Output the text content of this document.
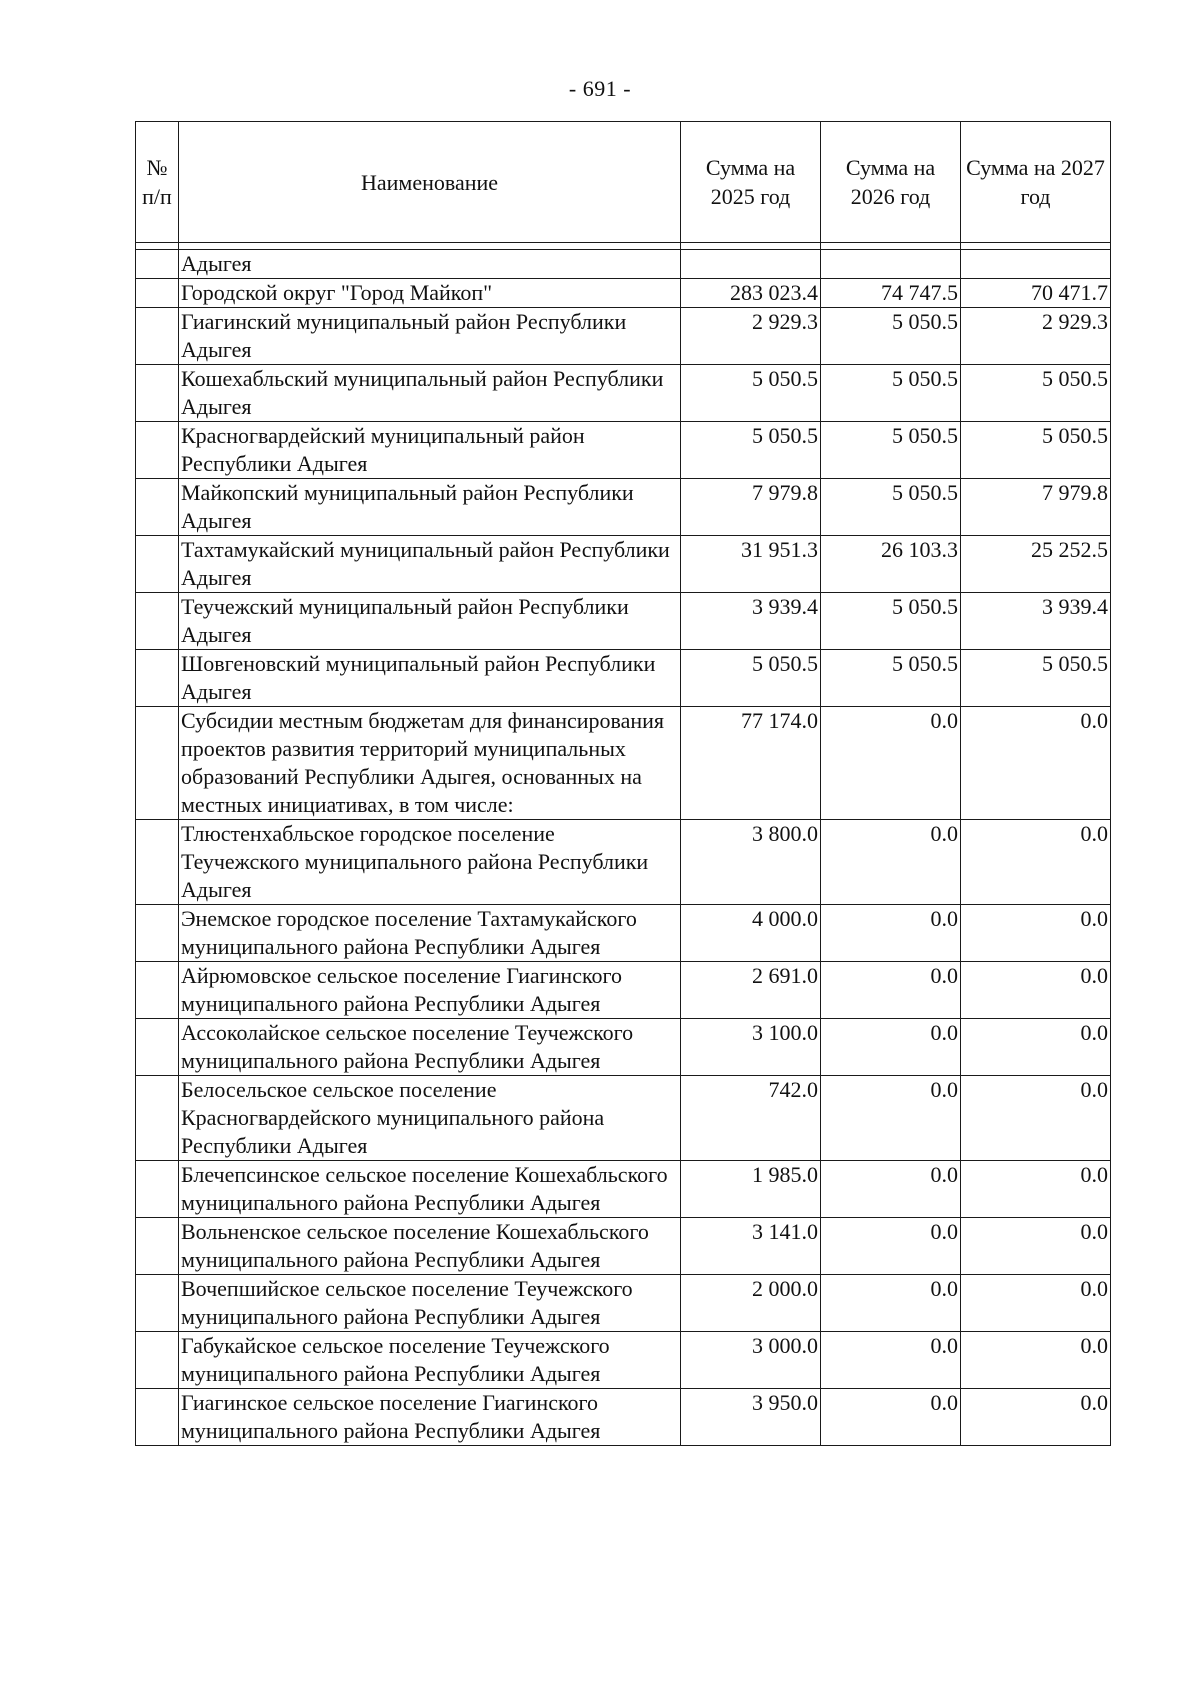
- 691 -
№ п/п	Наименование	Сумма на 2025 год	Сумма на 2026 год	Сумма на 2027 год

	Адыгея			
	Городской округ "Город Майкоп"	283 023.4	74 747.5	70 471.7
	Гиагинский муниципальный район Республики Адыгея	2 929.3	5 050.5	2 929.3
	Кошехабльский муниципальный район Республики Адыгея	5 050.5	5 050.5	5 050.5
	Красногвардейский муниципальный район Республики Адыгея	5 050.5	5 050.5	5 050.5
	Майкопский муниципальный район Республики Адыгея	7 979.8	5 050.5	7 979.8
	Тахтамукайский муниципальный район Республики Адыгея	31 951.3	26 103.3	25 252.5
	Теучежский муниципальный район Республики Адыгея	3 939.4	5 050.5	3 939.4
	Шовгеновский муниципальный район Республики Адыгея	5 050.5	5 050.5	5 050.5
	Субсидии местным бюджетам для финансирования проектов развития территорий муниципальных образований Республики Адыгея, основанных на местных инициативах, в том числе:	77 174.0	0.0	0.0
	Тлюстенхабльское городское поселение Теучежского муниципального района Республики Адыгея	3 800.0	0.0	0.0
	Энемское городское поселение Тахтамукайского муниципального района Республики Адыгея	4 000.0	0.0	0.0
	Айрюмовское сельское поселение Гиагинского муниципального района Республики Адыгея	2 691.0	0.0	0.0
	Ассоколайское сельское поселение Теучежского муниципального района Республики Адыгея	3 100.0	0.0	0.0
	Белосельское сельское поселение Красногвардейского муниципального района Республики Адыгея	742.0	0.0	0.0
	Блечепсинское сельское поселение Кошехабльского муниципального района Республики Адыгея	1 985.0	0.0	0.0
	Вольненское сельское поселение Кошехабльского муниципального района Республики Адыгея	3 141.0	0.0	0.0
	Вочепшийское сельское поселение Теучежского муниципального района Республики Адыгея	2 000.0	0.0	0.0
	Габукайское сельское поселение Теучежского муниципального района Республики Адыгея	3 000.0	0.0	0.0
	Гиагинское сельское поселение Гиагинского муниципального района Республики Адыгея	3 950.0	0.0	0.0
